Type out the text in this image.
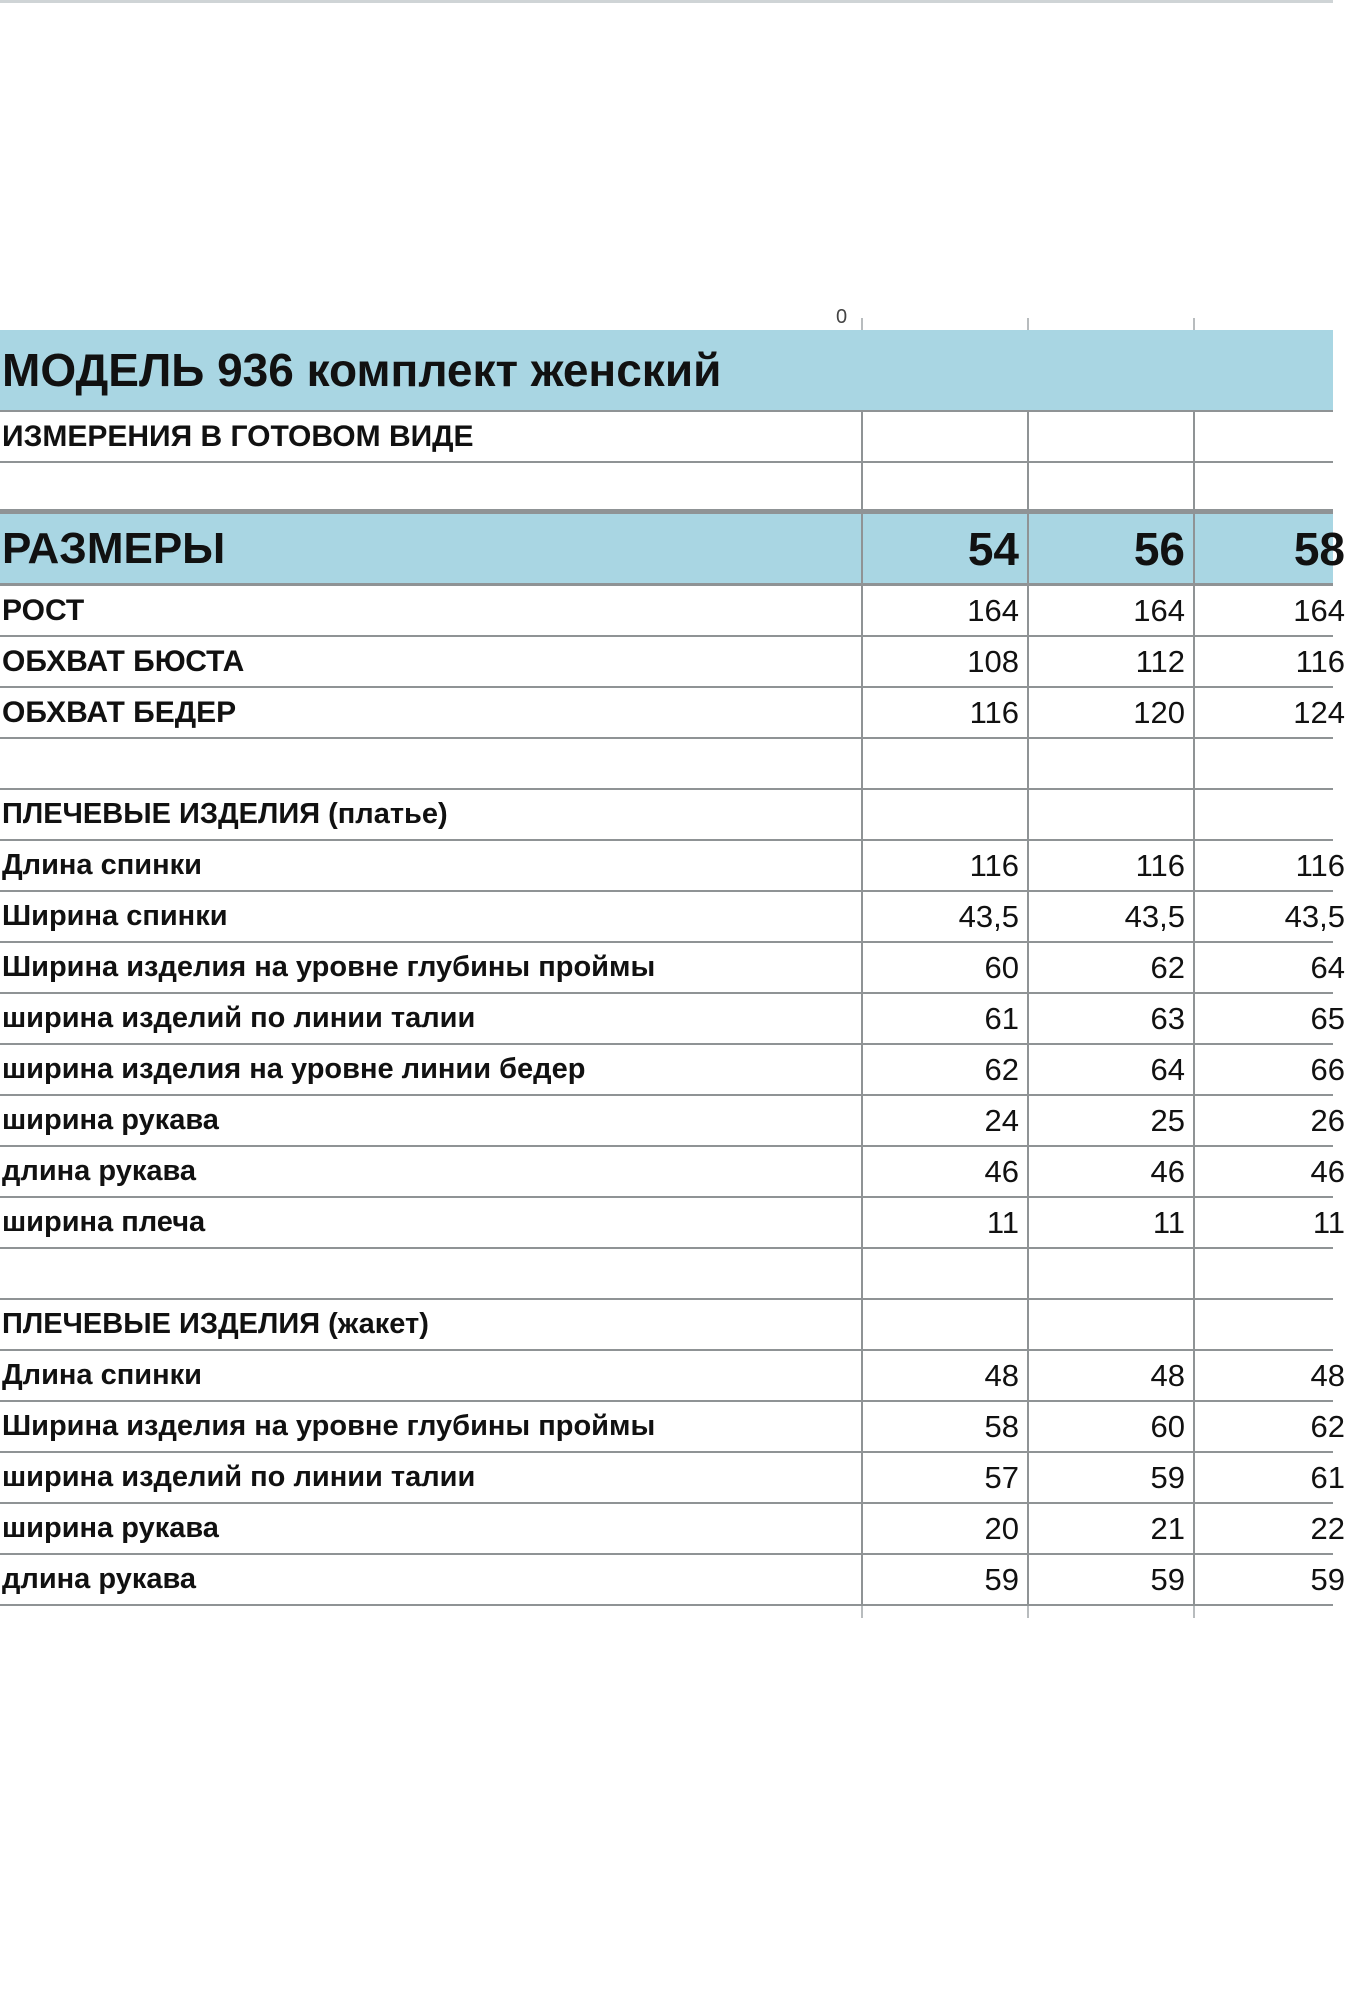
0
МОДЕЛЬ 936 комплект женский
ИЗМЕРЕНИЯ В ГОТОВОМ ВИДЕ
РАЗМЕРЫ	54	56	58
РОСТ	164	164	164
ОБХВАТ БЮСТА	108	112	116
ОБХВАТ БЕДЕР	116	120	124
ПЛЕЧЕВЫЕ ИЗДЕЛИЯ (платье)
Длина спинки	116	116	116
Ширина спинки	43,5	43,5	43,5
Ширина изделия на уровне глубины проймы	60	62	64
ширина изделий по линии талии	61	63	65
ширина изделия на уровне линии бедер	62	64	66
ширина рукава	24	25	26
длина рукава	46	46	46
ширина плеча	11	11	11
ПЛЕЧЕВЫЕ ИЗДЕЛИЯ (жакет)
Длина спинки	48	48	48
Ширина изделия на уровне глубины проймы	58	60	62
ширина изделий по линии талии	57	59	61
ширина рукава	20	21	22
длина рукава	59	59	59
